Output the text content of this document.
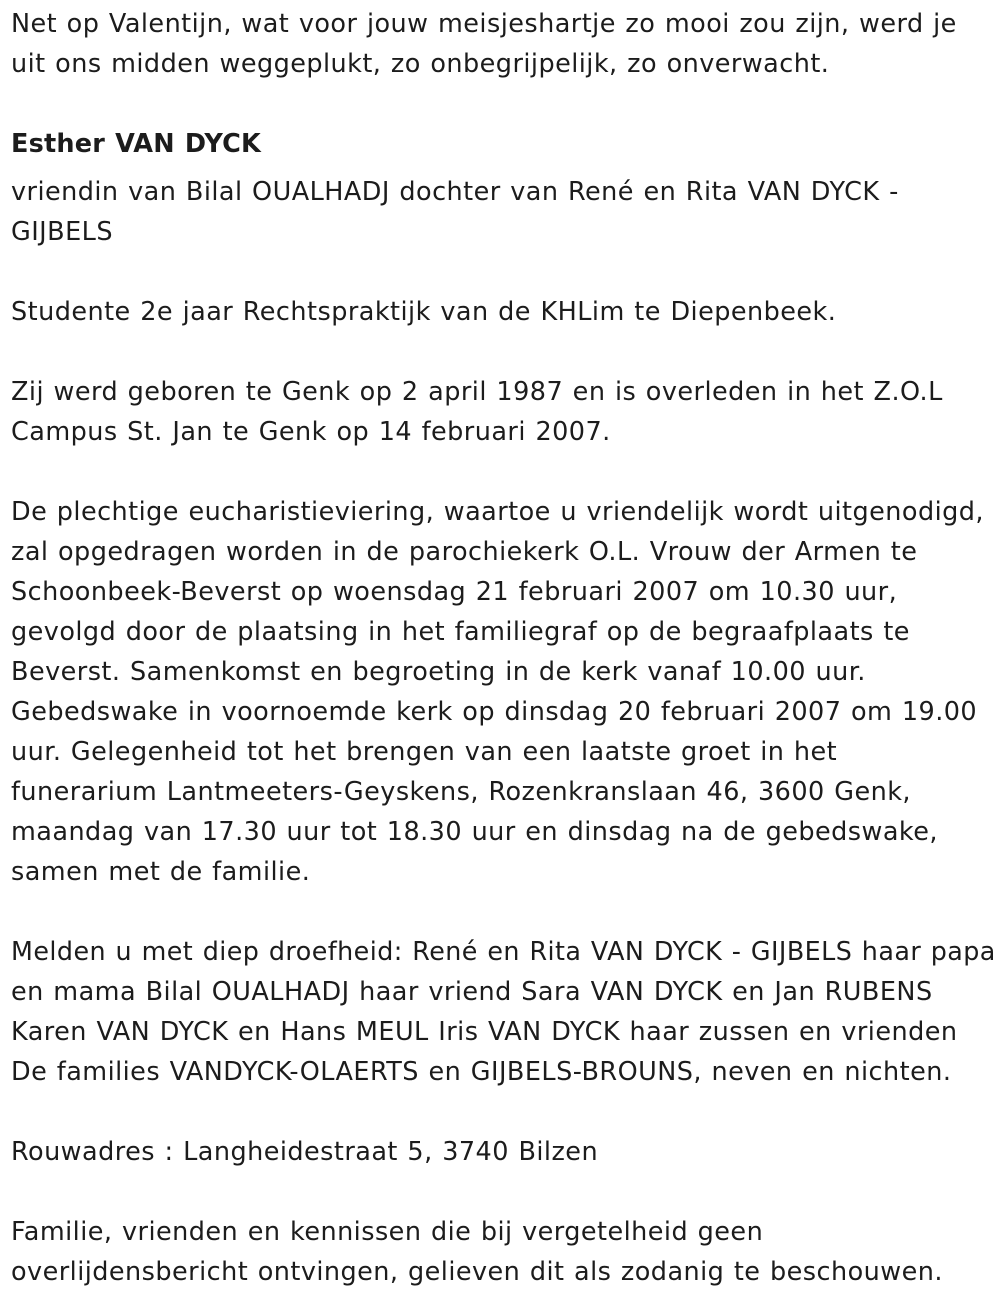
Net op Valentijn, wat voor jouw meisjeshartje zo mooi zou zijn, werd je
uit ons midden weggeplukt, zo onbegrijpelijk, zo onverwacht.
Esther VAN DYCK
vriendin van Bilal OUALHADJ dochter van René en Rita VAN DYCK -
GIJBELS
Studente 2e jaar Rechtspraktijk van de KHLim te Diepenbeek.
Zij werd geboren te Genk op 2 april 1987 en is overleden in het Z.O.L
Campus St. Jan te Genk op 14 februari 2007.
De plechtige eucharistieviering, waartoe u vriendelijk wordt uitgenodigd,
zal opgedragen worden in de parochiekerk O.L. Vrouw der Armen te
Schoonbeek-Beverst op woensdag 21 februari 2007 om 10.30 uur,
gevolgd door de plaatsing in het familiegraf op de begraafplaats te
Beverst. Samenkomst en begroeting in de kerk vanaf 10.00 uur.
Gebedswake in voornoemde kerk op dinsdag 20 februari 2007 om 19.00
uur. Gelegenheid tot het brengen van een laatste groet in het
funerarium Lantmeeters-Geyskens, Rozenkranslaan 46, 3600 Genk,
maandag van 17.30 uur tot 18.30 uur en dinsdag na de gebedswake,
samen met de familie.
Melden u met diep droefheid: René en Rita VAN DYCK - GIJBELS haar papa
en mama Bilal OUALHADJ haar vriend Sara VAN DYCK en Jan RUBENS
Karen VAN DYCK en Hans MEUL Iris VAN DYCK haar zussen en vrienden
De families VANDYCK-OLAERTS en GIJBELS-BROUNS, neven en nichten.
Rouwadres : Langheidestraat 5, 3740 Bilzen
Familie, vrienden en kennissen die bij vergetelheid geen
overlijdensbericht ontvingen, gelieven dit als zodanig te beschouwen.
